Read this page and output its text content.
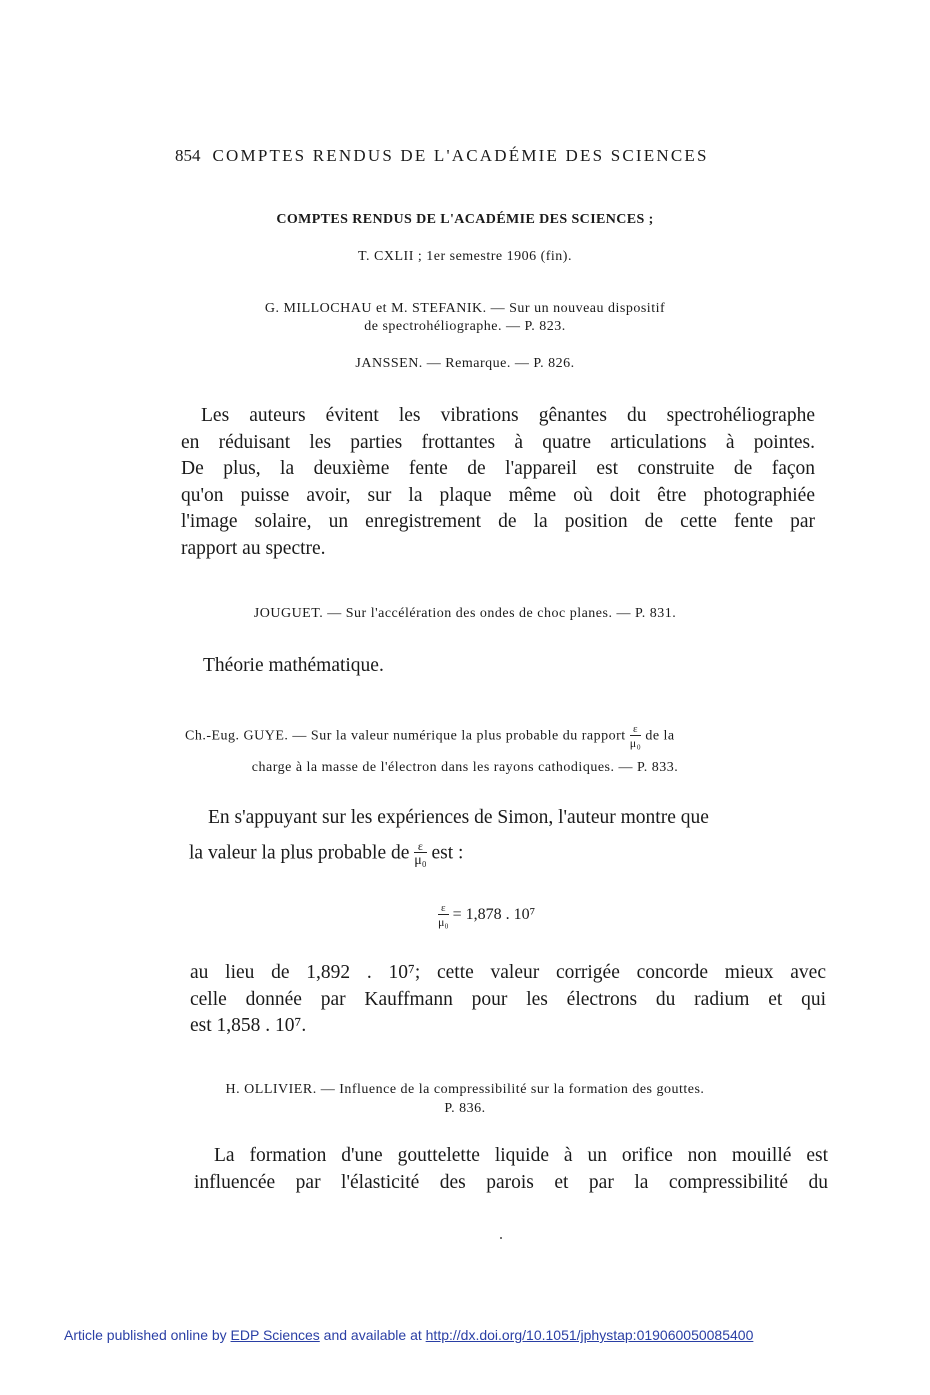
854 COMPTES RENDUS DE L'ACADÉMIE DES SCIENCES
COMPTES RENDUS DE L'ACADÉMIE DES SCIENCES ;
T. CXLII ; 1er semestre 1906 (fin).
G. MILLOCHAU et M. STEFANIK. — Sur un nouveau dispositif
de spectrohéliographe. — P. 823.
JANSSEN. — Remarque. — P. 826.
Les auteurs évitent les vibrations gênantes du spectrohéliographe
en réduisant les parties frottantes à quatre articulations à pointes.
De plus, la deuxième fente de l'appareil est construite de façon
qu'on puisse avoir, sur la plaque même où doit être photographiée
l'image solaire, un enregistrement de la position de cette fente par
rapport au spectre.
JOUGUET. — Sur l'accélération des ondes de choc planes. — P. 831.
Théorie mathématique.
Ch.-Eug. GUYE. — Sur la valeur numérique la plus probable du rapport $\frac{\varepsilon}{\text{μ₀}}$ de la
charge à la masse de l'électron dans les rayons cathodiques. — P. 833.
En s'appuyant sur les expériences de Simon, l'auteur montre que
la valeur la plus probable de $\frac{\varepsilon}{\text{μ₀}}$ est :
$\frac{\varepsilon}{\text{μ₀}} = 1,878$ . 10⁷
au lieu de 1,892 . 10⁷; cette valeur corrigée concorde mieux avec
celle donnée par Kauffmann pour les électrons du radium et qui
est 1,858 . 10⁷.
H. OLLIVIER. — Influence de la compressibilité sur la formation des gouttes.
P. 836.
La formation d'une gouttelette liquide à un orifice non mouillé est
influencée par l'élasticité des parois et par la compressibilité du
Article published online by EDP Sciences and available at http://dx.doi.org/10.1051/jphystap:019060050085400
